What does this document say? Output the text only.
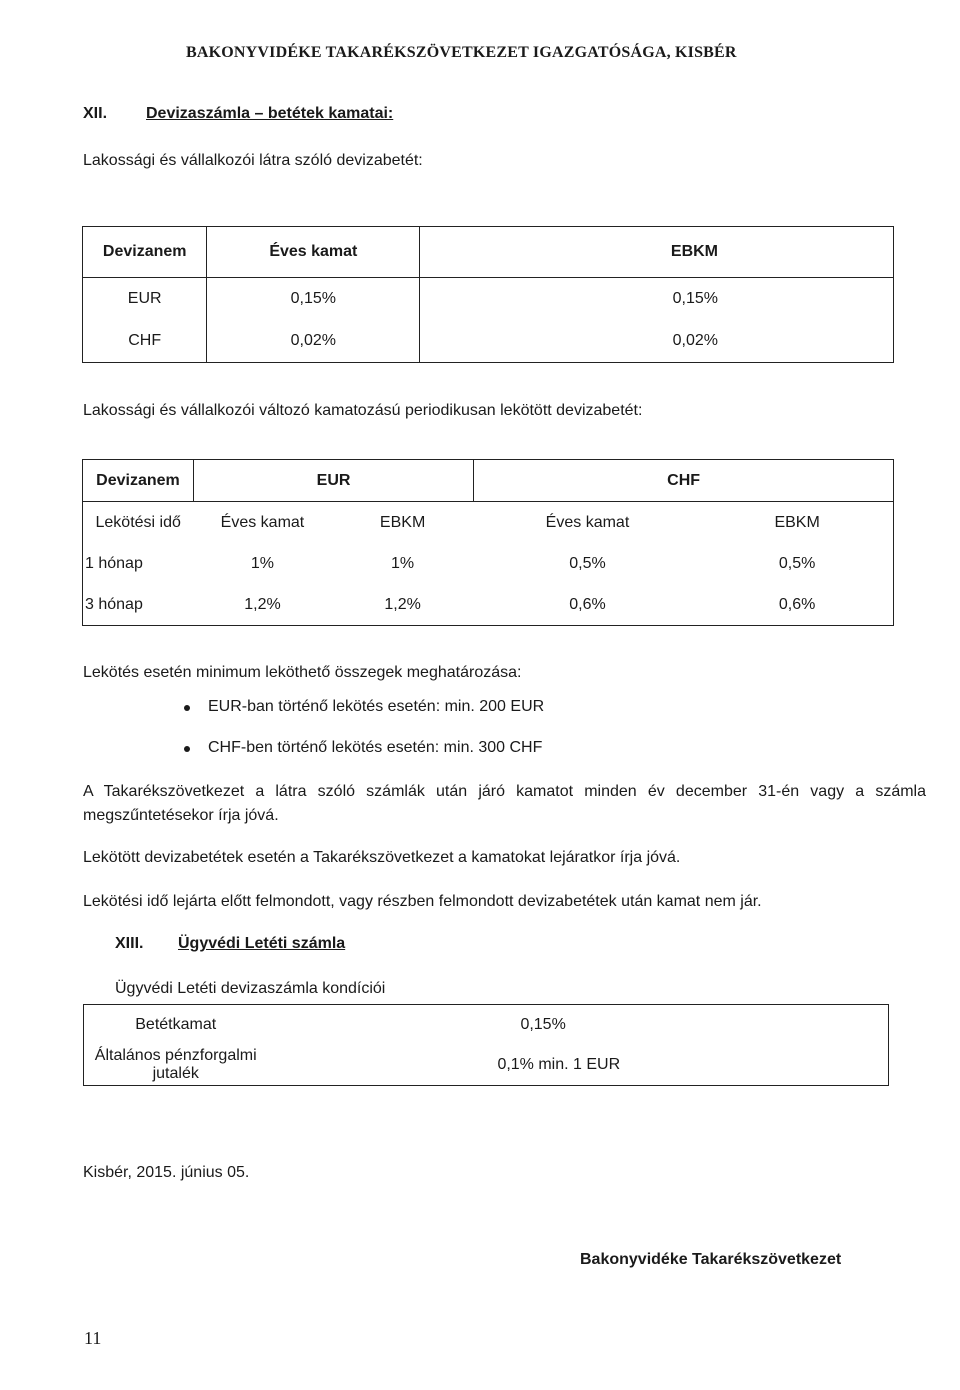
BAKONYVIDÉKE TAKARÉKSZÖVETKEZET IGAZGATÓSÁGA, KISBÉR
XII. Devizaszámla – betétek kamatai:
Lakossági és vállalkozói látra szóló devizabetét:
Devizanem	Éves kamat	EBKM
EUR	0,15%	0,15%
CHF	0,02%	0,02%
Lakossági és vállalkozói változó kamatozású periodikusan lekötött devizabetét:
Devizanem	EUR		CHF	
Lekötési idő	Éves kamat	EBKM	Éves kamat	EBKM
1 hónap	1%	1%	0,5%	0,5%
3 hónap	1,2%	1,2%	0,6%	0,6%
Lekötés esetén minimum leköthető összegek meghatározása:
EUR-ban történő lekötés esetén: min. 200 EUR
CHF-ben történő lekötés esetén: min. 300 CHF
A Takarékszövetkezet a látra szóló számlák után járó kamatot minden év december 31-én vagy a számla megszűntetésekor írja jóvá.
Lekötött devizabetétek esetén a Takarékszövetkezet a kamatokat lejáratkor írja jóvá.
Lekötési idő lejárta előtt felmondott, vagy részben felmondott devizabetétek után kamat nem jár.
XIII. Ügyvédi Letéti számla
Ügyvédi Letéti devizaszámla kondíciói
Betétkamat	0,15%
Általános pénzforgalmi jutalék	0,1% min. 1 EUR
Kisbér, 2015. június 05.
Bakonyvidéke Takarékszövetkezet
11
